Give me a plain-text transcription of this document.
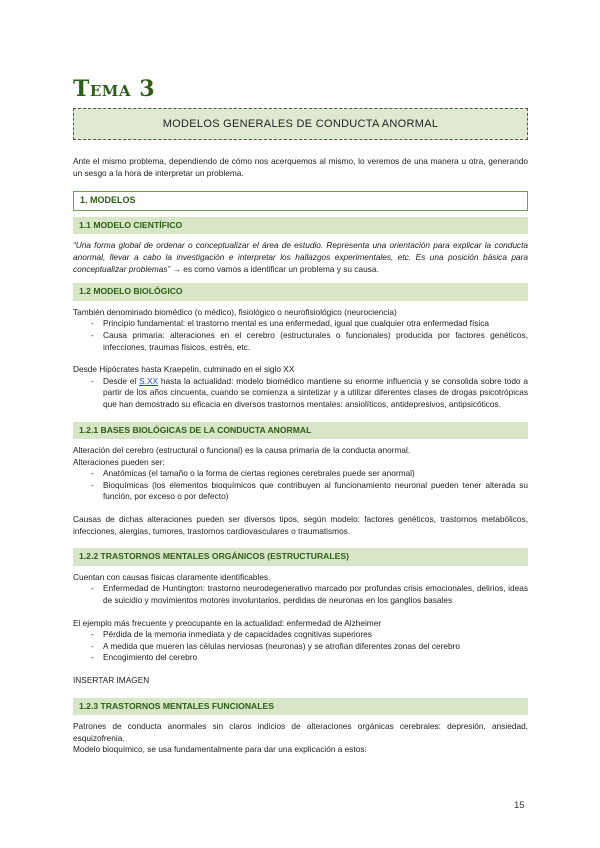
Tema 3
MODELOS GENERALES DE CONDUCTA ANORMAL

Ante el mismo problema, dependiendo de cómo nos acerquemos al mismo, lo veremos de una manera u otra, generando un sesgo a la hora de interpretar un problema.

1. MODELOS
1.1 MODELO CIENTÍFICO

“Una forma global de ordenar o conceptualizar el área de estudio. Representa una orientación para explicar la conducta anormal, llevar a cabo la investigación e interpretar los hallazgos experimentales, etc. Es una posición básica para conceptualizar problemas” → es como vamos a identificar un problema y su causa.

1.2 MODELO BIOLÓGICO

También denominado biomédico (o médico), fisiológico o neurofisiológico (neurociencia)

- Principio fundamental: el trastorno mental es una enfermedad, igual que cualquier otra enfermedad física
- Causa primaria: alteraciones en el cerebro (estructurales o funcionales) producida por factores genéticos, infecciones, traumas físicos, estrés, etc.

Desde Hipócrates hasta Kraepelin, culminado en el siglo XX

- Desde el S.XX hasta la actualidad: modelo biomédico mantiene su enorme influencia y se consolida sobre todo a partir de los años cincuenta, cuando se comienza a sintetizar y a utilizar diferentes clases de drogas psicotrópicas que han demostrado su eficacia en diversos trastornos mentales: ansiolíticos, antidepresivos, antipsicóticos.
1.2.1 BASES BIOLÓGICAS DE LA CONDUCTA ANORMAL

Alteración del cerebro (estructural o funcional) es la causa primaria de la conducta anormal.

Alteraciones pueden ser:

- Anatómicas (el tamaño o la forma de ciertas regiones cerebrales puede ser anormal)
- Bioquímicas (los elementos bioquímicos que contribuyen al funcionamiento neuronal pueden tener alterada su función, por exceso o por defecto)

Causas de dichas alteraciones pueden ser diversos tipos, según modelo: factores genéticos, trastornos metabólicos, infecciones, alergias, tumores, trastornos cardiovasculares o traumatismos.

1.2.2 TRASTORNOS MENTALES ORGÁNICOS (ESTRUCTURALES)

Cuentan con causas físicas claramente identificables.

- Enfermedad de Huntington: trastorno neurodegenerativo marcado por profundas crisis emocionales, delirios, ideas de suicidio y movimientos motores involuntarios, perdidas de neuronas en los ganglios basales

El ejemplo más frecuente y preocupante en la actualidad: enfermedad de Alzheimer

- Pérdida de la memoria inmediata y de capacidades cognitivas superiores
- A medida que mueren las células nerviosas (neuronas) y se atrofian diferentes zonas del cerebro
- Encogimiento del cerebro

INSERTAR IMAGEN

1.2.3 TRASTORNOS MENTALES FUNCIONALES

Patrones de conducta anormales sin claros indicios de alteraciones orgánicas cerebrales: depresión, ansiedad, esquizofrenia.

Modelo bioquímico, se usa fundamentalmente para dar una explicación a estos:

15
